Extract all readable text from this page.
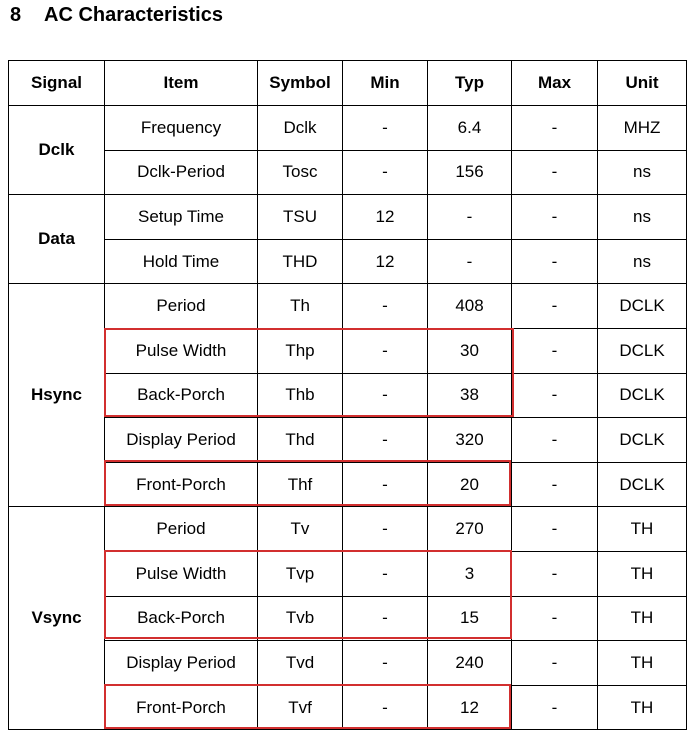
8 AC Characteristics
Signal	Item	Symbol	Min	Typ	Max	Unit
Dclk	Frequency	Dclk	-	6.4	-	MHZ
	Dclk-Period	Tosc	-	156	-	ns
Data	Setup Time	TSU	12	-	-	ns
	Hold Time	THD	12	-	-	ns
Hsync	Period	Th	-	408	-	DCLK
	Pulse Width	Thp	-	30	-	DCLK
	Back-Porch	Thb	-	38	-	DCLK
	Display Period	Thd	-	320	-	DCLK
	Front-Porch	Thf	-	20	-	DCLK
Vsync	Period	Tv	-	270	-	TH
	Pulse Width	Tvp	-	3	-	TH
	Back-Porch	Tvb	-	15	-	TH
	Display Period	Tvd	-	240	-	TH
	Front-Porch	Tvf	-	12	-	TH
